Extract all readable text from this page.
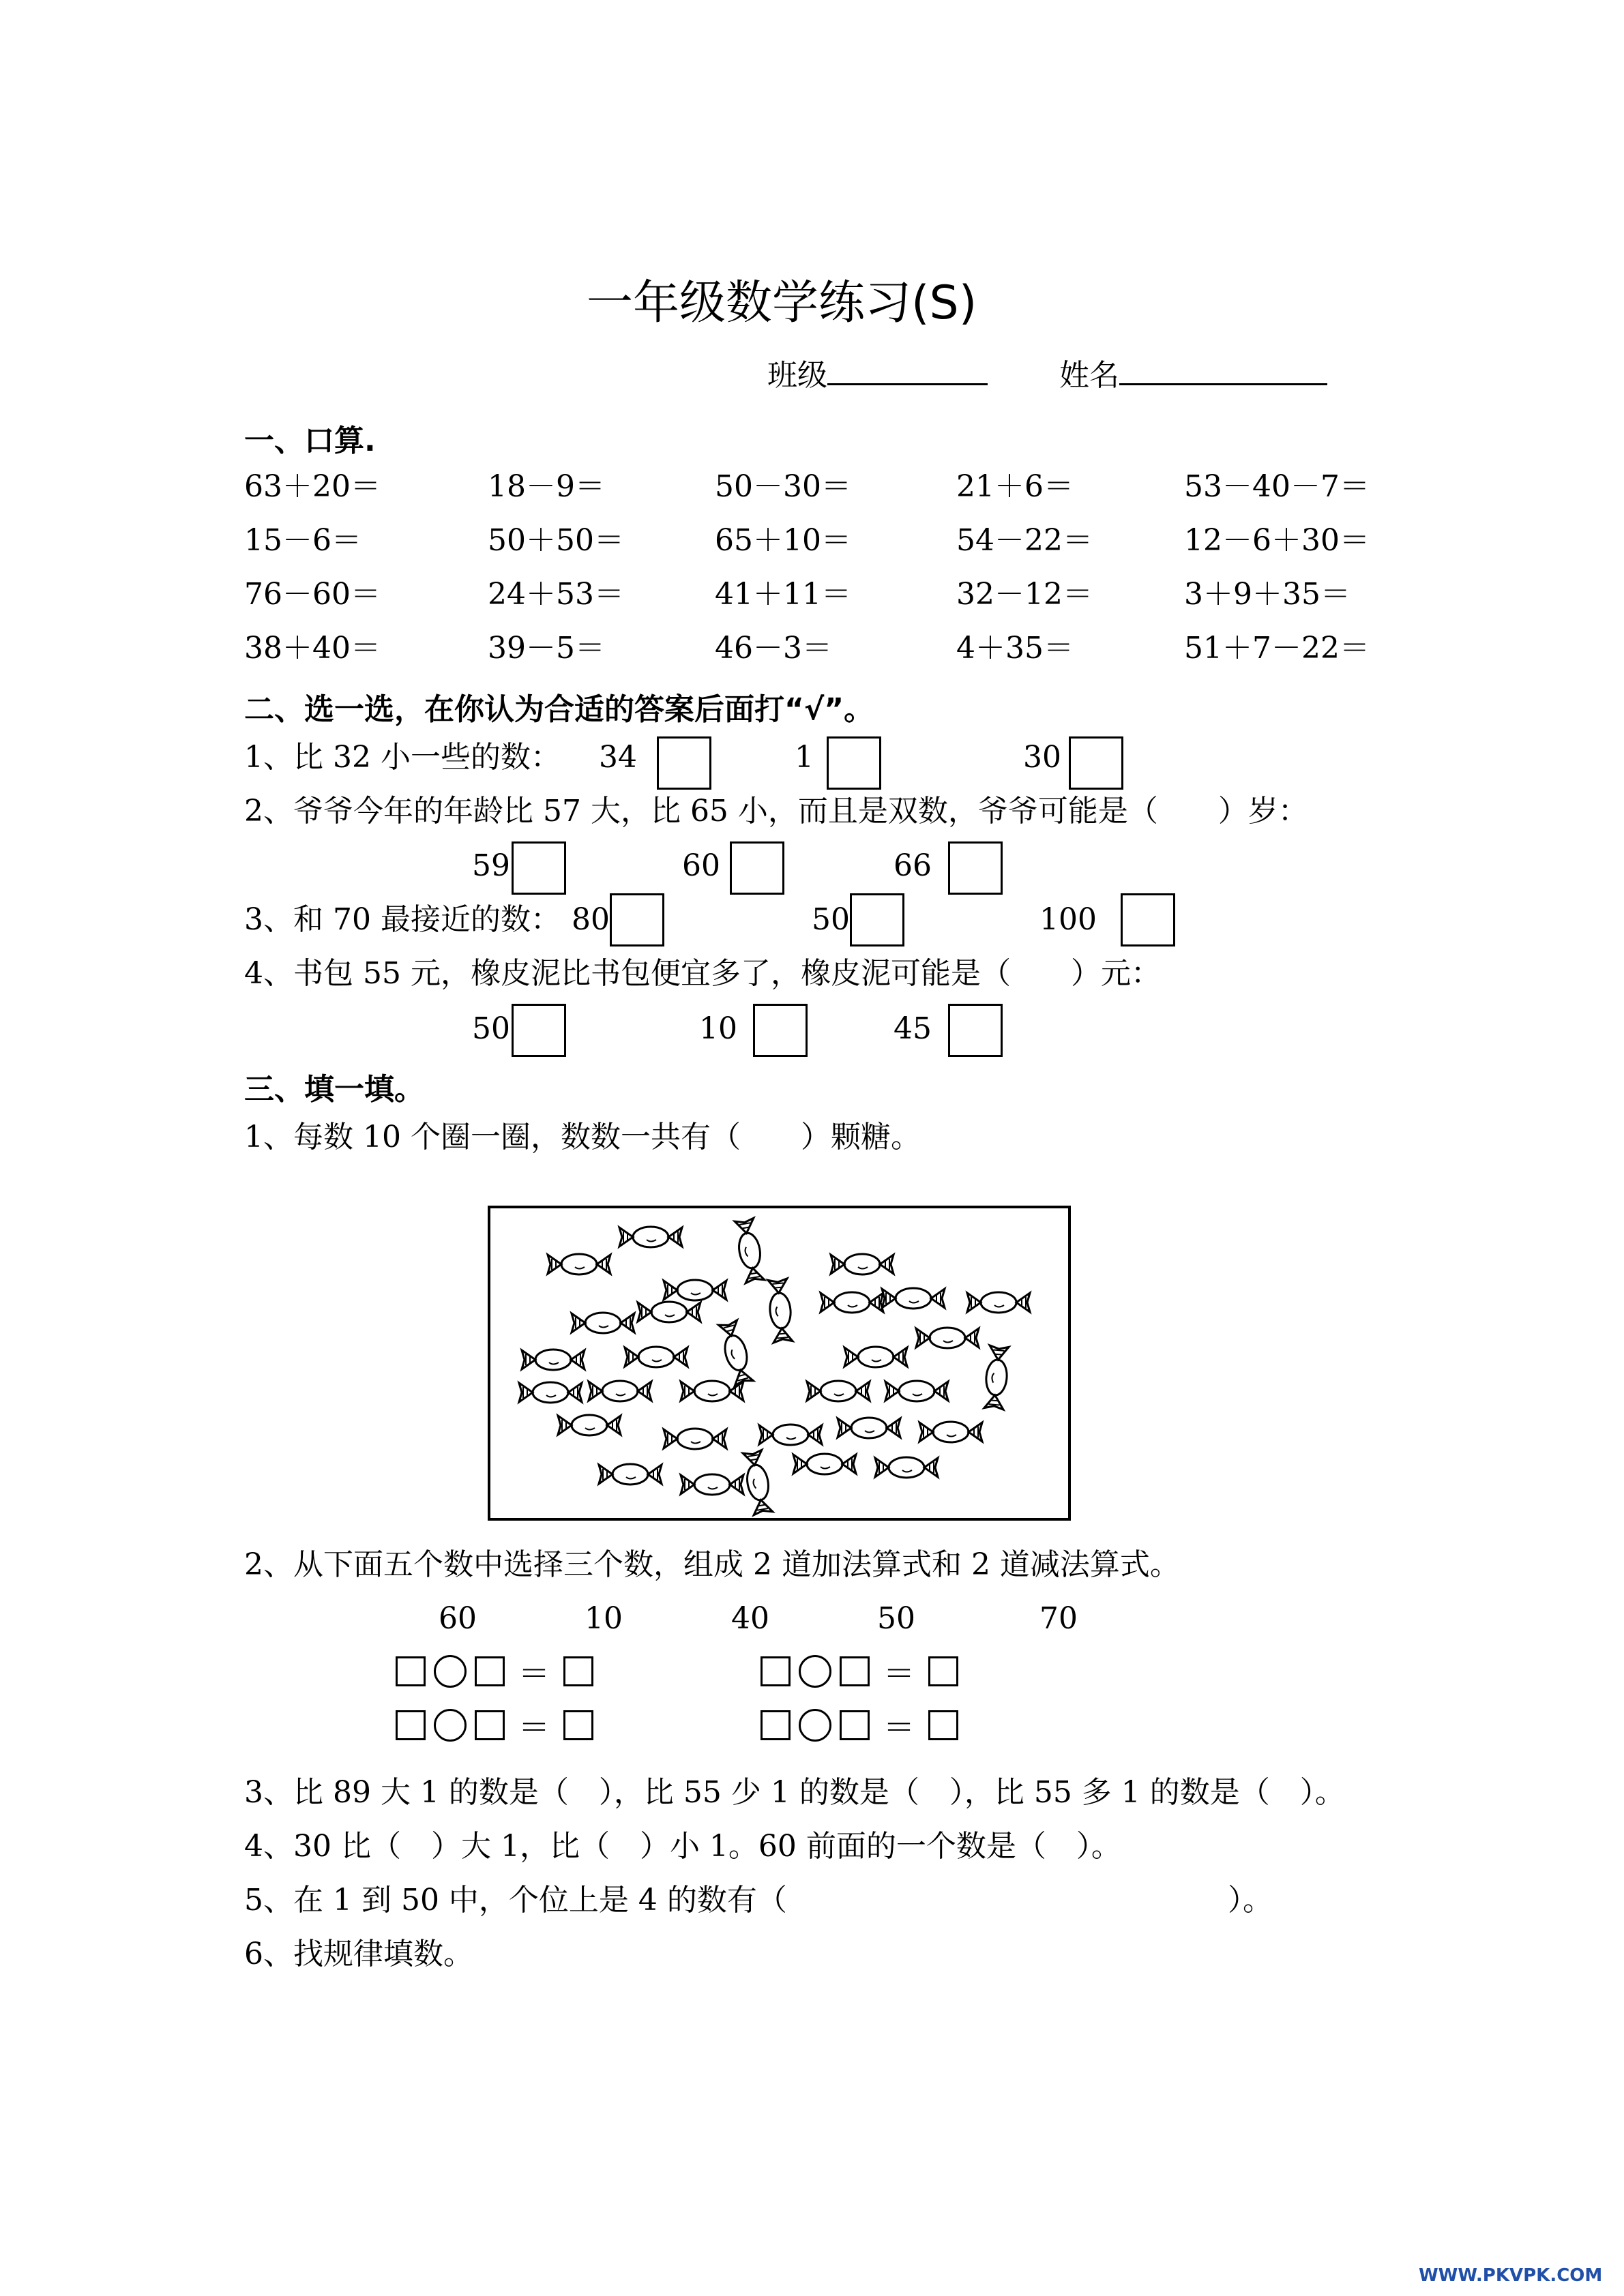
一年级数学练习(S)
班级	姓名
一、口算.
63＋20＝	18－9＝	50－30＝	21＋6＝	53－40－7＝
15－6＝	50＋50＝	65＋10＝	54－22＝	12－6＋30＝
76－60＝	24＋53＝	41＋11＝	32－12＝	3＋9＋35＝
38＋40＝	39－5＝	46－3＝	4＋35＝	51＋7－22＝
二、选一选，在你认为合适的答案后面打“√”。
1、比 32 小一些的数： 34	1	30
2、爷爷今年的年龄比 57 大，比 65 小，而且是双数，爷爷可能是（　　）岁：
59	60	66
3、和 70 最接近的数： 80	50	100
4、书包 55 元，橡皮泥比书包便宜多了，橡皮泥可能是（　　）元：
50	10	45
三、填一填。
1、每数 10 个圈一圈，数数一共有（　　）颗糖。
2、从下面五个数中选择三个数，组成 2 道加法算式和 2 道减法算式。
60	10	40	50	70
＝	＝
＝	＝
3、比 89 大 1 的数是（　），比 55 少 1 的数是（　），比 55 多 1 的数是（　）。
4、30 比（　）大 1，比（　）小 1。60 前面的一个数是（　）。
5、在 1 到 50 中，个位上是 4 的数有（	）。
6、找规律填数。
WWW.PKVPK.COM
